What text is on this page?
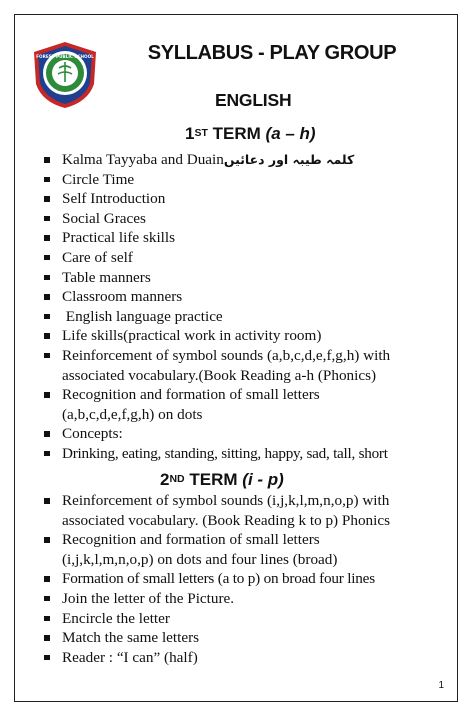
FOREST PUBLIC SCHOOL	SYLLABUS - PLAY GROUP
ENGLISH
1ST TERM (a – h)
Kalma Tayyaba and Duainکلمہ طیبہ اور دعائیں
Circle Time
Self Introduction
Social Graces
Practical life skills
Care of self
Table manners
Classroom manners
English language practice
Life skills(practical work in activity room)
Reinforcement of symbol sounds (a,b,c,d,e,f,g,h) with
associated vocabulary.(Book Reading a-h (Phonics)
Recognition and formation of small letters
(a,b,c,d,e,f,g,h) on dots
Concepts:
Drinking, eating, standing, sitting, happy, sad, tall, short
2ND TERM (i - p)
Reinforcement of symbol sounds (i,j,k,l,m,n,o,p) with
associated vocabulary. (Book Reading k to p) Phonics
Recognition and formation of small letters
(i,j,k,l,m,n,o,p) on dots and four lines (broad)
Formation of small letters (a to p) on broad four lines
Join the letter of the Picture.
Encircle the letter
Match the same letters
Reader : “I can” (half)
1
